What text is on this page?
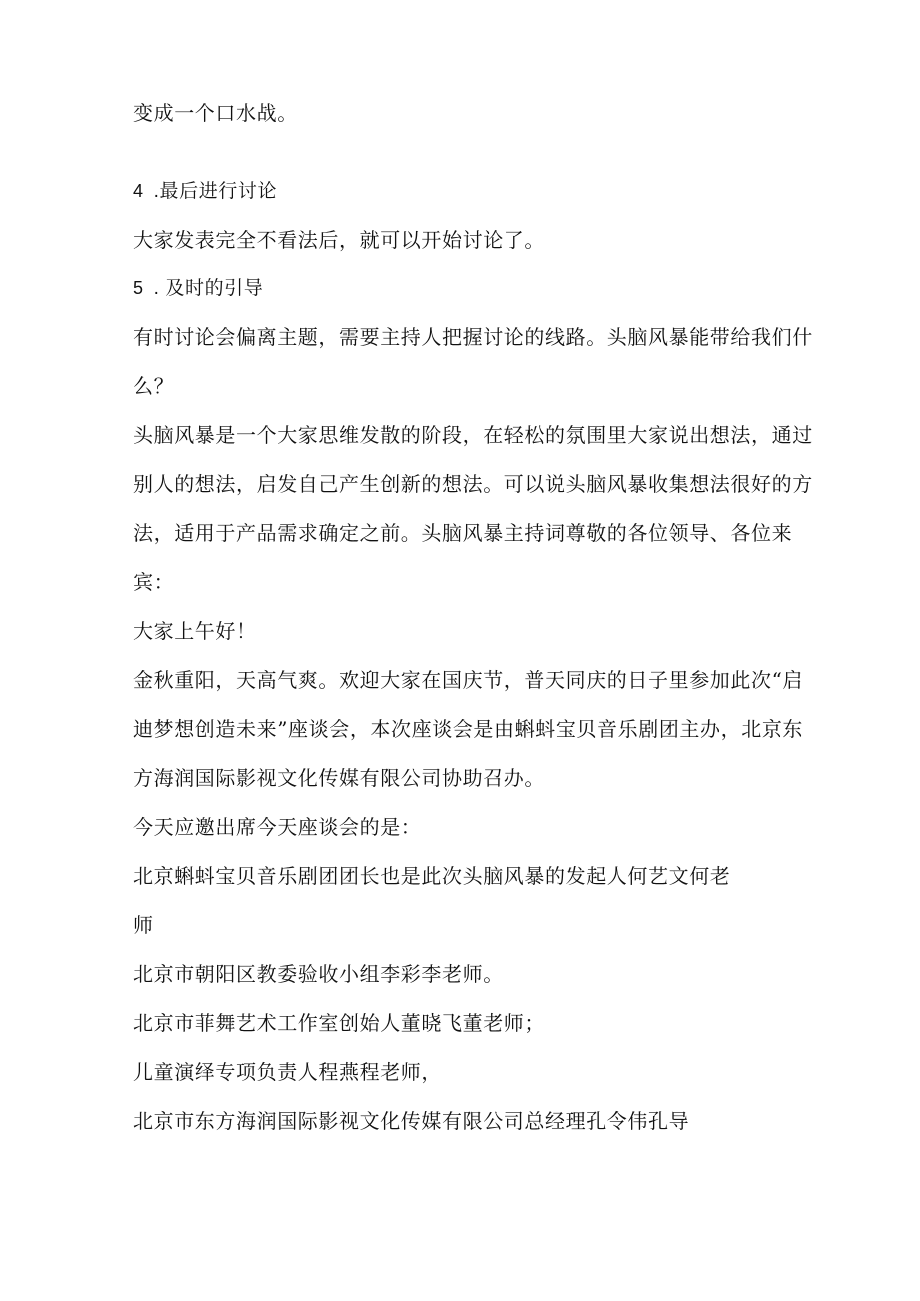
变成一个口水战。
4 .最后进行讨论
大家发表完全不看法后，就可以开始讨论了。
5 . 及时的引导
有时讨论会偏离主题，需要主持人把握讨论的线路。头脑风暴能带给我们什
么？
头脑风暴是一个大家思维发散的阶段，在轻松的氛围里大家说出想法，通过
别人的想法，启发自己产生创新的想法。可以说头脑风暴收集想法很好的方
法，适用于产品需求确定之前。头脑风暴主持词尊敬的各位领导、各位来
宾：
大家上午好！
金秋重阳，天高气爽。欢迎大家在国庆节，普天同庆的日子里参加此次“启
迪梦想创造未来”座谈会，本次座谈会是由蝌蚪宝贝音乐剧团主办，北京东
方海润国际影视文化传媒有限公司协助召办。
今天应邀出席今天座谈会的是：
北京蝌蚪宝贝音乐剧团团长也是此次头脑风暴的发起人何艺文何老
师
北京市朝阳区教委验收小组李彩李老师。
北京市菲舞艺术工作室创始人董晓飞董老师；
儿童演绎专项负责人程燕程老师，
北京市东方海润国际影视文化传媒有限公司总经理孔令伟孔导
